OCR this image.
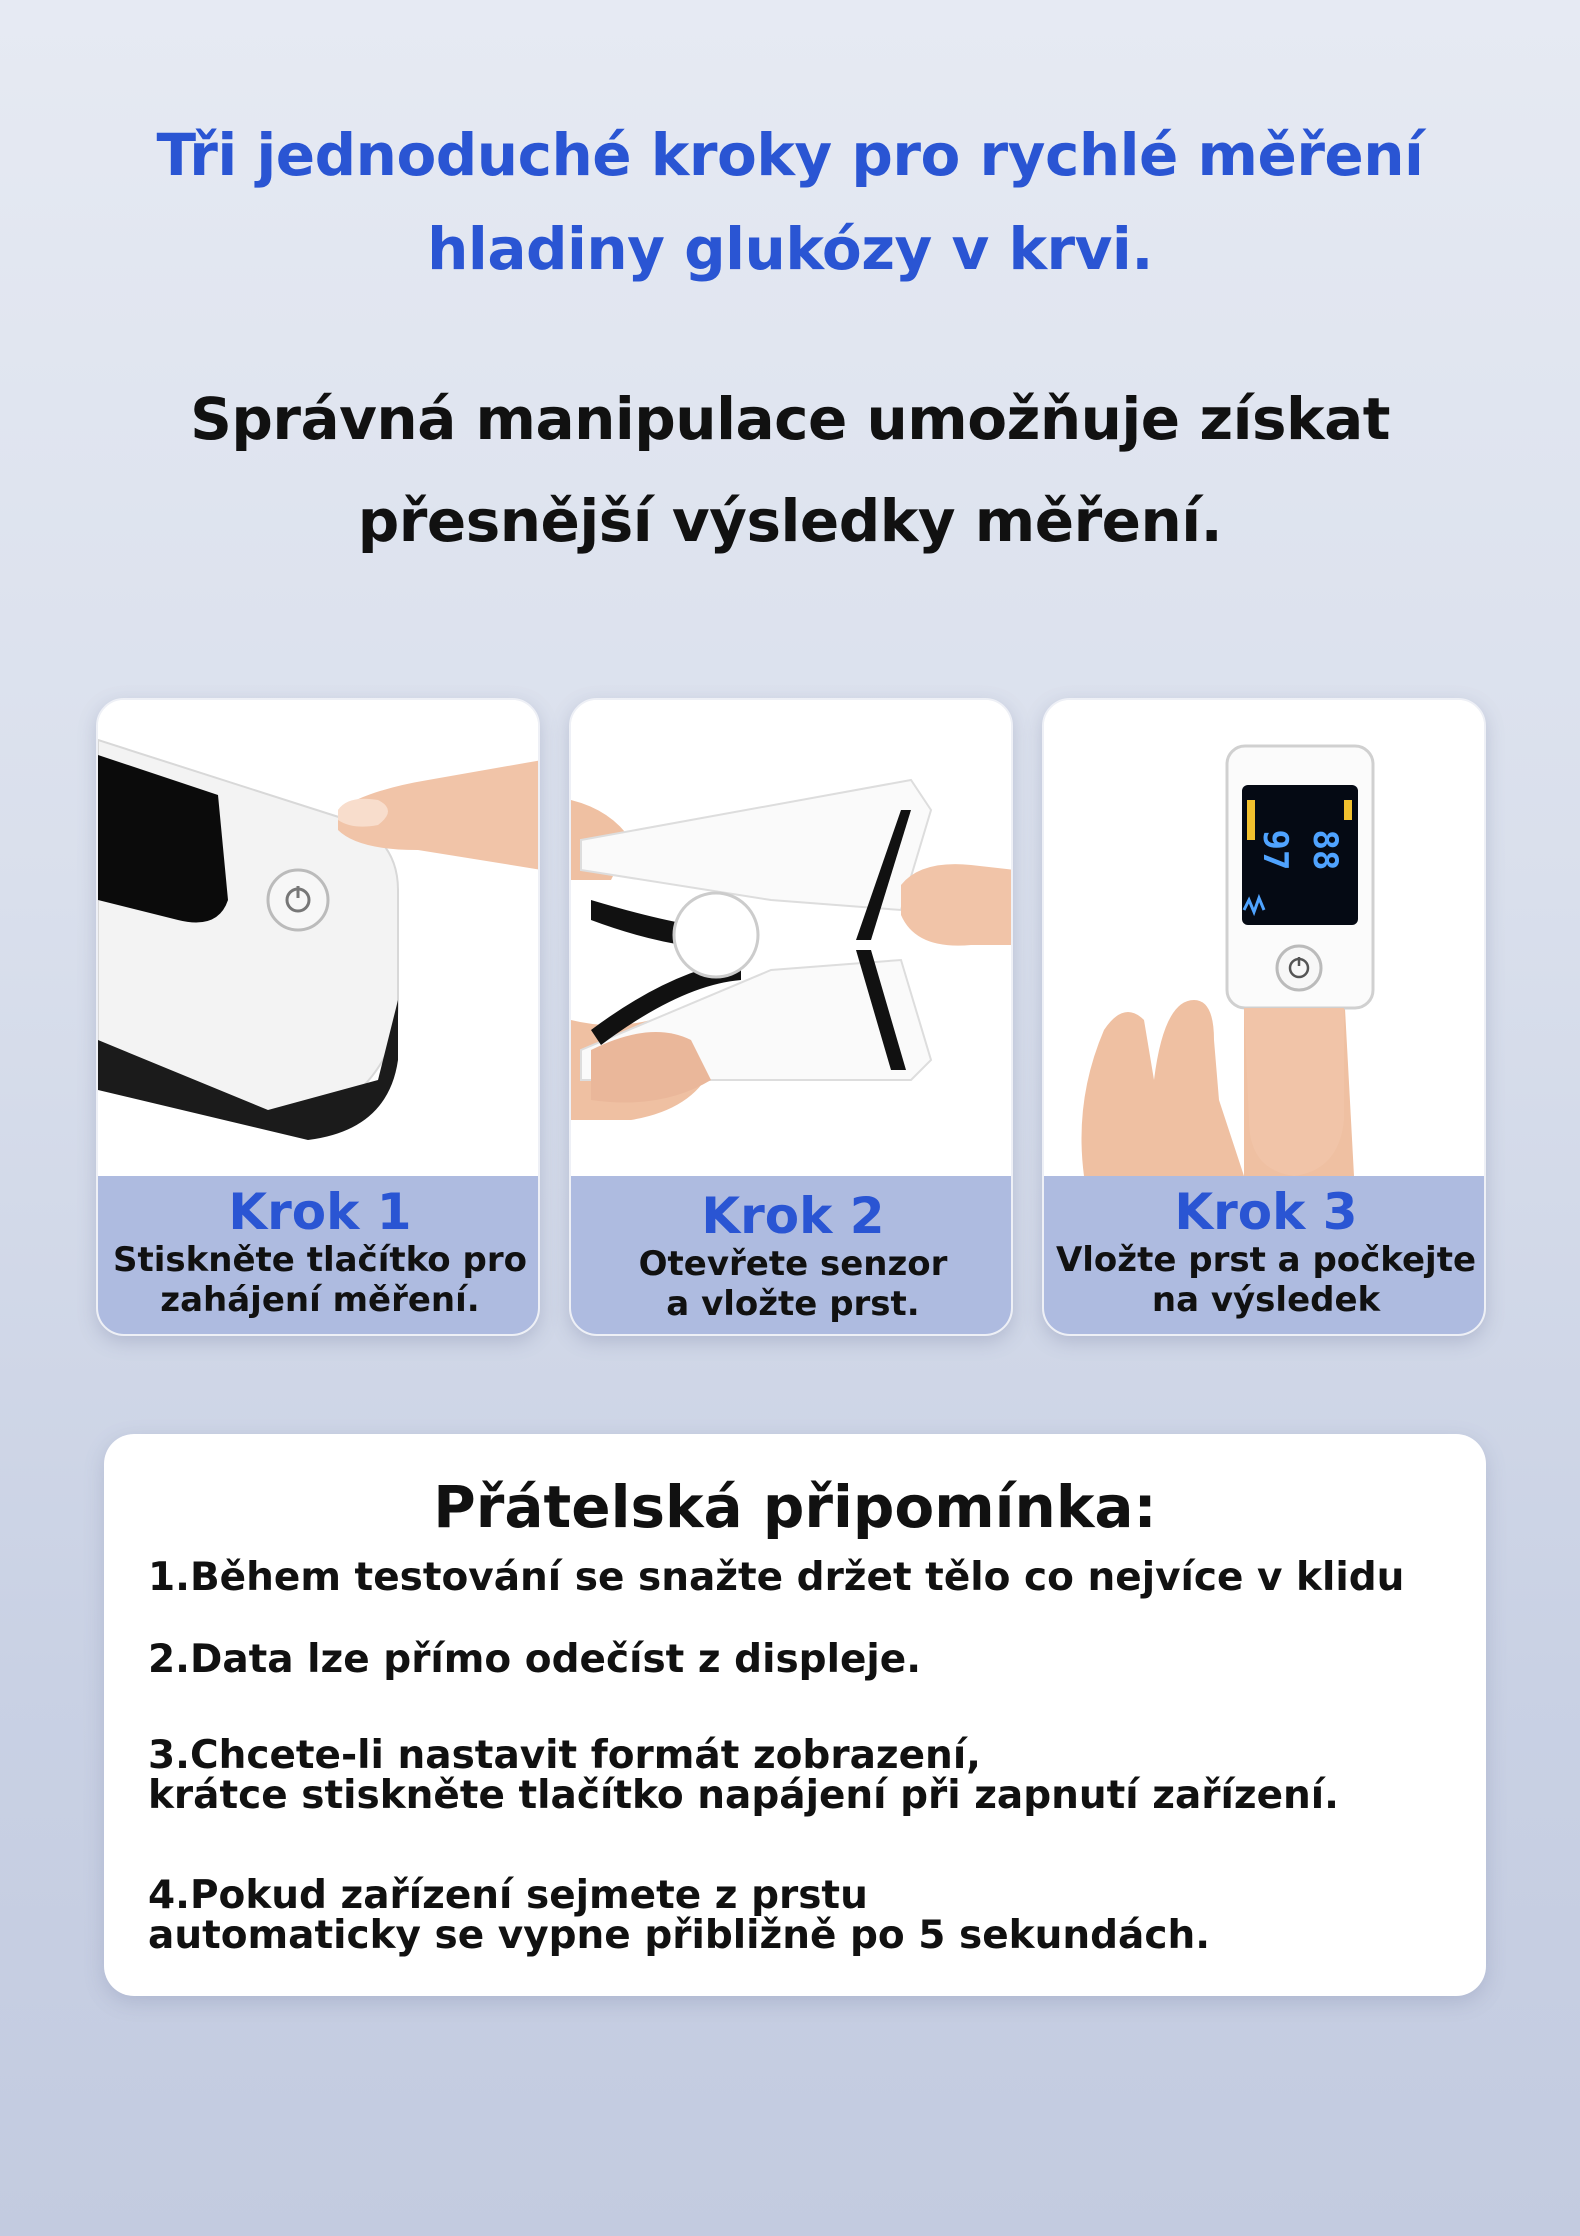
Tři jednoduché kroky pro rychlé měření
hladiny glukózy v krvi.
Správná manipulace umožňuje získat
přesnější výsledky měření.
Krok 1
Stiskněte tlačítko pro
zahájení měření.
Krok 2
Otevřete senzor
a vložte prst.
97 88
Krok 3
Vložte prst a počkejte
na výsledek
Přátelská připomínka:
1.Během testování se snažte držet tělo co nejvíce v klidu
2.Data lze přímo odečíst z displeje.
3.Chcete-li nastavit formát zobrazení,
krátce stiskněte tlačítko napájení při zapnutí zařízení.
4.Pokud zařízení sejmete z prstu
automaticky se vypne přibližně po 5 sekundách.
